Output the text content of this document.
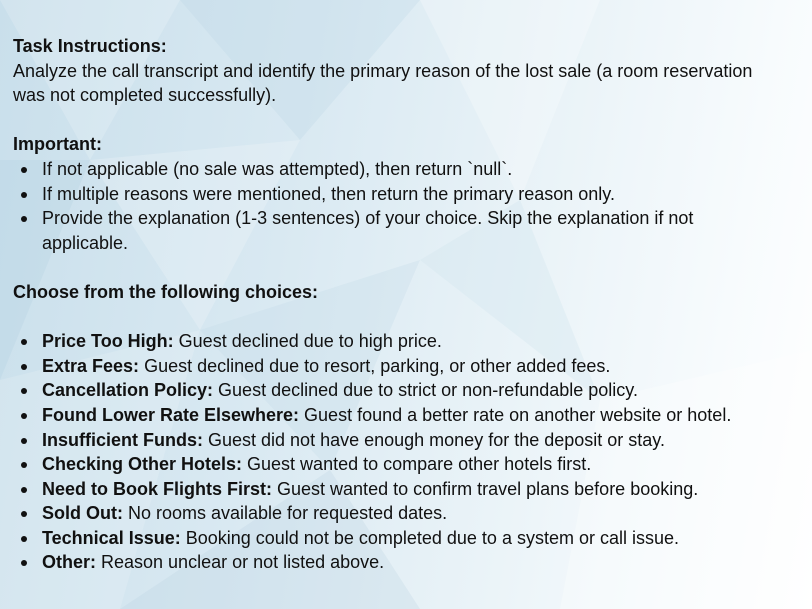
Task Instructions:
Analyze the call transcript and identify the primary reason of the lost sale (a room reservation was not completed successfully).
Important:
If not applicable (no sale was attempted), then return `null`.
If multiple reasons were mentioned, then return the primary reason only.
Provide the explanation (1-3 sentences) of your choice. Skip the explanation if not applicable.
Choose from the following choices:
Price Too High: Guest declined due to high price.
Extra Fees: Guest declined due to resort, parking, or other added fees.
Cancellation Policy: Guest declined due to strict or non-refundable policy.
Found Lower Rate Elsewhere: Guest found a better rate on another website or hotel.
Insufficient Funds: Guest did not have enough money for the deposit or stay.
Checking Other Hotels: Guest wanted to compare other hotels first.
Need to Book Flights First: Guest wanted to confirm travel plans before booking.
Sold Out: No rooms available for requested dates.
Technical Issue: Booking could not be completed due to a system or call issue.
Other: Reason unclear or not listed above.
